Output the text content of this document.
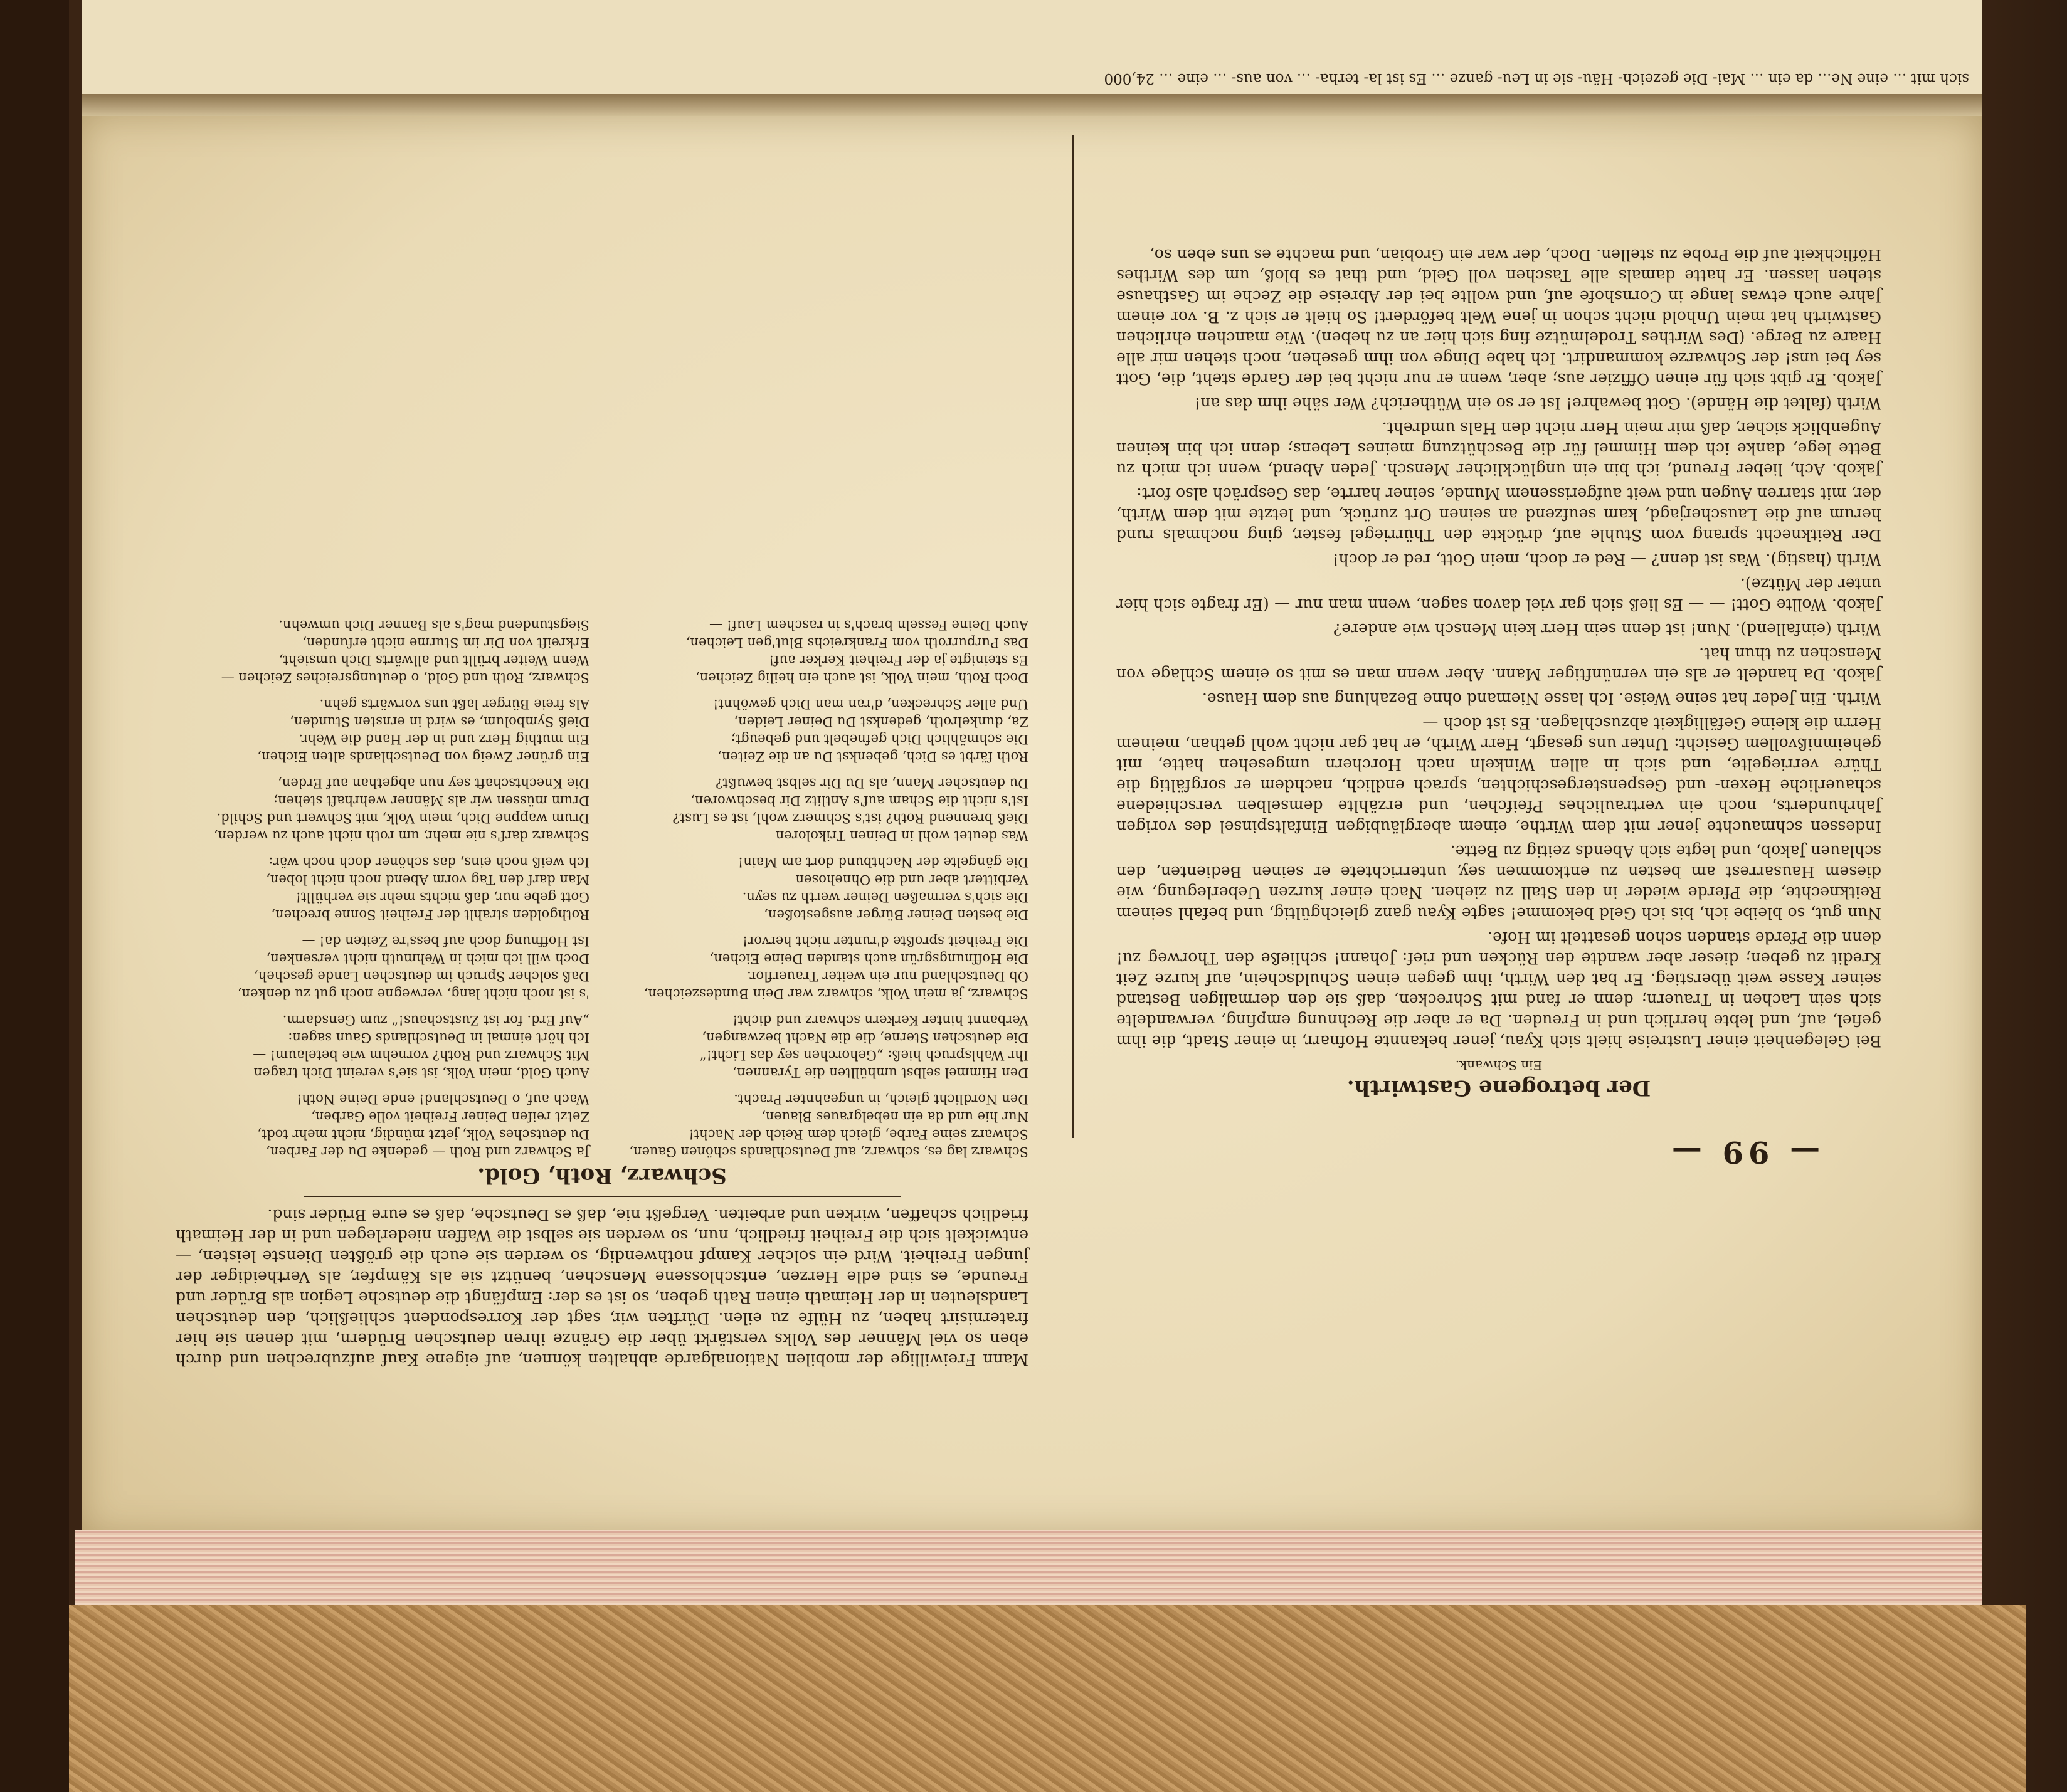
sich mit ... eine Ne... da ein ... Mai- Die gezeich- Häu- sie in Leu- ganze ... Es ist la- terha- ... von aus- ... eine ... 24,000
— 99 —
Der betrogene Gastwirth.
Ein Schwank.

Bei Gelegenheit einer Lustreise hielt sich Kyau, jener bekannte Hofnarr, in einer Stadt, die ihm gefiel, auf, und lebte herrlich und in Freuden. Da er aber die Rechnung empfing, verwandelte sich sein Lachen in Trauern; denn er fand mit Schrecken, daß sie den dermaligen Bestand seiner Kasse weit überstieg. Er bat den Wirth, ihm gegen einen Schuldschein, auf kurze Zeit Kredit zu geben; dieser aber wandte den Rücken und rief: Johann! schließe den Thorweg zu! denn die Pferde standen schon gesattelt im Hofe.

Nun gut, so bleibe ich, bis ich Geld bekomme! sagte Kyau ganz gleichgültig, und befahl seinem Reitknechte, die Pferde wieder in den Stall zu ziehen. Nach einer kurzen Ueberlegung, wie diesem Hausarrest am besten zu entkommen sey, unterrichtete er seinen Bedienten, den schlauen Jakob, und legte sich Abends zeitig zu Bette.

Indessen schmauchte jener mit dem Wirthe, einem abergläubigen Einfaltspinsel des vorigen Jahrhunderts, noch ein vertrauliches Pfeifchen, und erzählte demselben verschiedene schauerliche Hexen- und Gespenstergeschichten, sprach endlich, nachdem er sorgfältig die Thüre verriegelte, und sich in allen Winkeln nach Horchern umgesehen hatte, mit geheimnißvollem Gesicht: Unter uns gesagt, Herr Wirth, er hat gar nicht wohl gethan, meinem Herrn die kleine Gefälligkeit abzuschlagen. Es ist doch —

Wirth. Ein Jeder hat seine Weise. Ich lasse Niemand ohne Bezahlung aus dem Hause.

Jakob. Da handelt er als ein vernünftiger Mann. Aber wenn man es mit so einem Schlage von Menschen zu thun hat.

Wirth (einfallend). Nun! ist denn sein Herr kein Mensch wie andere?

Jakob. Wollte Gott! — — Es ließ sich gar viel davon sagen, wenn man nur — (Er fragte sich hier unter der Mütze).

Wirth (hastig). Was ist denn? — Red er doch, mein Gott, red er doch!

Der Reitknecht sprang vom Stuhle auf, drückte den Thürriegel fester, ging nochmals rund herum auf die Lauscherjagd, kam seufzend an seinen Ort zurück, und letzte mit dem Wirth, der, mit starren Augen und weit aufgerissenem Munde, seiner harrte, das Gespräch also fort:

Jakob. Ach, lieber Freund, ich bin ein unglücklicher Mensch. Jeden Abend, wenn ich mich zu Bette lege, danke ich dem Himmel für die Beschützung meines Lebens; denn ich bin keinen Augenblick sicher, daß mir mein Herr nicht den Hals umdreht.

Wirth (faltet die Hände). Gott bewahre! Ist er so ein Wütherich? Wer sähe ihm das an!

Jakob. Er gibt sich für einen Offizier aus; aber, wenn er nur nicht bei der Garde steht, die, Gott sey bei uns! der Schwarze kommandirt. Ich habe Dinge von ihm gesehen, noch stehen mir alle Haare zu Berge. (Des Wirthes Trodelmütze fing sich hier an zu heben). Wie manchen ehrlichen Gastwirth hat mein Unhold nicht schon in jene Welt befördert! So hielt er sich z. B. vor einem Jahre auch etwas lange in Cornshofe auf, und wollte bei der Abreise die Zeche im Gasthause stehen lassen. Er hatte damals alle Taschen voll Geld, und that es bloß, um des Wirthes Höflichkeit auf die Probe zu stellen. Doch, der war ein Grobian, und machte es uns eben so,

Mann Freiwillige der mobilen Nationalgarde abhalten können, auf eigene Kauf aufzubrechen und durch eben so viel Männer des Volks verstärkt über die Gränze ihren deutschen Brüdern, mit denen sie hier fraternisirt haben, zu Hülfe zu eilen. Dürften wir, sagt der Korrespondent schließlich, den deutschen Landsleuten in der Heimath einen Rath geben, so ist es der: Empfängt die deutsche Legion als Brüder und Freunde, es sind edle Herzen, entschlossene Menschen, benützt sie als Kämpfer, als Vertheidiger der jungen Freiheit. Wird ein solcher Kampf nothwendig, so werden sie euch die größten Dienste leisten, — entwickelt sich die Freiheit friedlich, nun, so werden sie selbst die Waffen niederlegen und in der Heimath friedlich schaffen, wirken und arbeiten. Vergeßt nie, daß es Deutsche, daß es eure Brüder sind.

Schwarz, Roth, Gold.
Schwarz lag es, schwarz, auf Deutschlands schönen Gauen,
Schwarz seine Farbe, gleich dem Reich der Nacht!
Nur hie und da ein nebelgraues Blauen,
Den Nordlicht gleich, in ungeahnter Pracht.
Den Himmel selbst umhüllten die Tyrannen,
Ihr Wahlspruch hieß: „Gehorchen sey das Licht!“
Die deutschen Sterne, die die Nacht bezwangen,
Verbannt hinter Kerkern schwarz und dicht!
Schwarz, ja mein Volk, schwarz war Dein Bundeszeichen,
Ob Deutschland nur ein weiter Trauerflor.
Die Hoffnungsgrün auch standen Deine Eichen,
Die Freiheit sproßte d'runter nicht hervor!
Die besten Deiner Bürger ausgestoßen,
Die sich's vermaßen Deiner werth zu seyn.
Verbittert aber und die Ohnehosen
Die gängelte der Nachtbund dort am Main!
Was deutet wohl in Deinen Trikoloren
Dieß brennend Roth? ist's Schmerz wohl, ist es Lust?
Ist's nicht die Scham auf's Antlitz Dir beschworen,
Du deutscher Mann, als Du Dir selbst bewußt?
Roth färbt es Dich, gebenkst Du an die Zeiten,
Die schmählich Dich gefnebelt und gebeugt;
Za, dunkelroth, gedenkst Du Deiner Leiden,
Und aller Schrecken, d'ran man Dich gewöhnt!
Doch Roth, mein Volk, ist auch ein heilig Zeichen,
Es steinigte ja der Freiheit Kerker auf!
Das Purpurroth vom Frankreichs Blut'gen Leichen,
Auch Deine Fesseln brach's in raschem Lauf! —
Ja Schwarz und Roth — gedenke Du der Farben,
Du deutsches Volk, jetzt mündig, nicht mehr todt,
Zetzt reifen Deiner Freiheit volle Garben,
Wach auf, o Deutschland! ende Deine Noth!
Auch Gold, mein Volk, ist sie's vereint Dich tragen
Mit Schwarz und Roth? vornehm wie betelaum! —
Ich hört einmal in Deutschlands Gaun sagen:
„Auf Erd. for ist Zustschaus!“ zum Gensdarm.
's ist noch nicht lang, verwegne noch gut zu denken,
Daß solcher Spruch im deutschen Lande gescheh,
Doch will ich mich in Wehmuth nicht versenken,
Ist Hoffnung doch auf bess're Zeiten da! —
Rothgolden strahlt der Freiheit Sonne brechen,
Gott gebe nur, daß nichts mehr sie verhüllt!
Man darf den Tag vorm Abend noch nicht loben,
Ich weiß noch eins, das schöner doch noch wär:
Schwarz darf's nie mehr, um roth nicht auch zu werden,
Drum wappne Dich, mein Volk, mit Schwert und Schild.
Drum müssen wir als Männer wehrhaft stehen;
Die Knechtschaft sey nun abgethan auf Erden,
Ein grüner Zweig von Deutschlands alten Eichen,
Ein muthig Herz und in der Hand die Wehr.
Dieß Symbolum, es wird in ernsten Stunden,
Als freie Bürger laßt uns vorwärts gehn.
Schwarz, Roth und Gold, o deutungsreiches Zeichen —
Wenn Weiter brüllt und allwärts Dich umsieht,
Erkreift von Dir im Sturme nicht erfunden,
Siegstundend mag's als Banner Dich umwehn.
